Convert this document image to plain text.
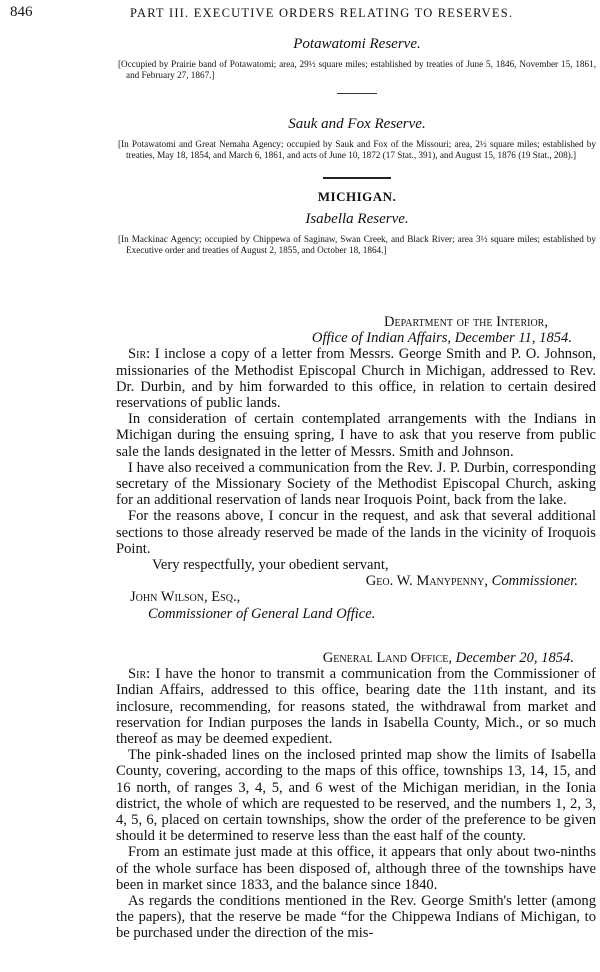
846	PART III. EXECUTIVE ORDERS RELATING TO RESERVES.

Potawatomi Reserve.

[Occupied by Prairie band of Potawatomi; area, 29½ square miles; established by treaties of June 5, 1846, November 15, 1861, and February 27, 1867.]

Sauk and Fox Reserve.

[In Potawatomi and Great Nemaha Agency; occupied by Sauk and Fox of the Missouri; area, 2½ square miles; established by treaties, May 18, 1854, and March 6, 1861, and acts of June 10, 1872 (17 Stat., 391), and August 15, 1876 (19 Stat., 208).]

MICHIGAN.

Isabella Reserve.

[In Mackinac Agency; occupied by Chippewa of Saginaw, Swan Creek, and Black River; area 3½ square miles; established by Executive order and treaties of August 2, 1855, and October 18, 1864.]

Department of the Interior,
Office of Indian Affairs, December 11, 1854.

Sir: I inclose a copy of a letter from Messrs. George Smith and P. O. Johnson, missionaries of the Methodist Episcopal Church in Michigan, addressed to Rev. Dr. Durbin, and by him forwarded to this office, in relation to certain desired reservations of public lands.

In consideration of certain contemplated arrangements with the Indians in Michigan during the ensuing spring, I have to ask that you reserve from public sale the lands designated in the letter of Messrs. Smith and Johnson.

I have also received a communication from the Rev. J. P. Durbin, corresponding secretary of the Missionary Society of the Methodist Episcopal Church, asking for an additional reservation of lands near Iroquois Point, back from the lake.

For the reasons above, I concur in the request, and ask that several additional sections to those already reserved be made of the lands in the vicinity of Iroquois Point.

Very respectfully, your obedient servant,
Geo. W. Manypenny, Commissioner.
John Wilson, Esq.,
Commissioner of General Land Office.
General Land Office, December 20, 1854.

Sir: I have the honor to transmit a communication from the Commissioner of Indian Affairs, addressed to this office, bearing date the 11th instant, and its inclosure, recommending, for reasons stated, the withdrawal from market and reservation for Indian purposes the lands in Isabella County, Mich., or so much thereof as may be deemed expedient.

The pink-shaded lines on the inclosed printed map show the limits of Isabella County, covering, according to the maps of this office, townships 13, 14, 15, and 16 north, of ranges 3, 4, 5, and 6 west of the Michigan meridian, in the Ionia district, the whole of which are requested to be reserved, and the numbers 1, 2, 3, 4, 5, 6, placed on certain townships, show the order of the preference to be given should it be determined to reserve less than the east half of the county.

From an estimate just made at this office, it appears that only about two-ninths of the whole surface has been disposed of, although three of the townships have been in market since 1833, and the balance since 1840.

As regards the conditions mentioned in the Rev. George Smith's letter (among the papers), that the reserve be made “for the Chippewa Indians of Michigan, to be purchased under the direction of the mis-
